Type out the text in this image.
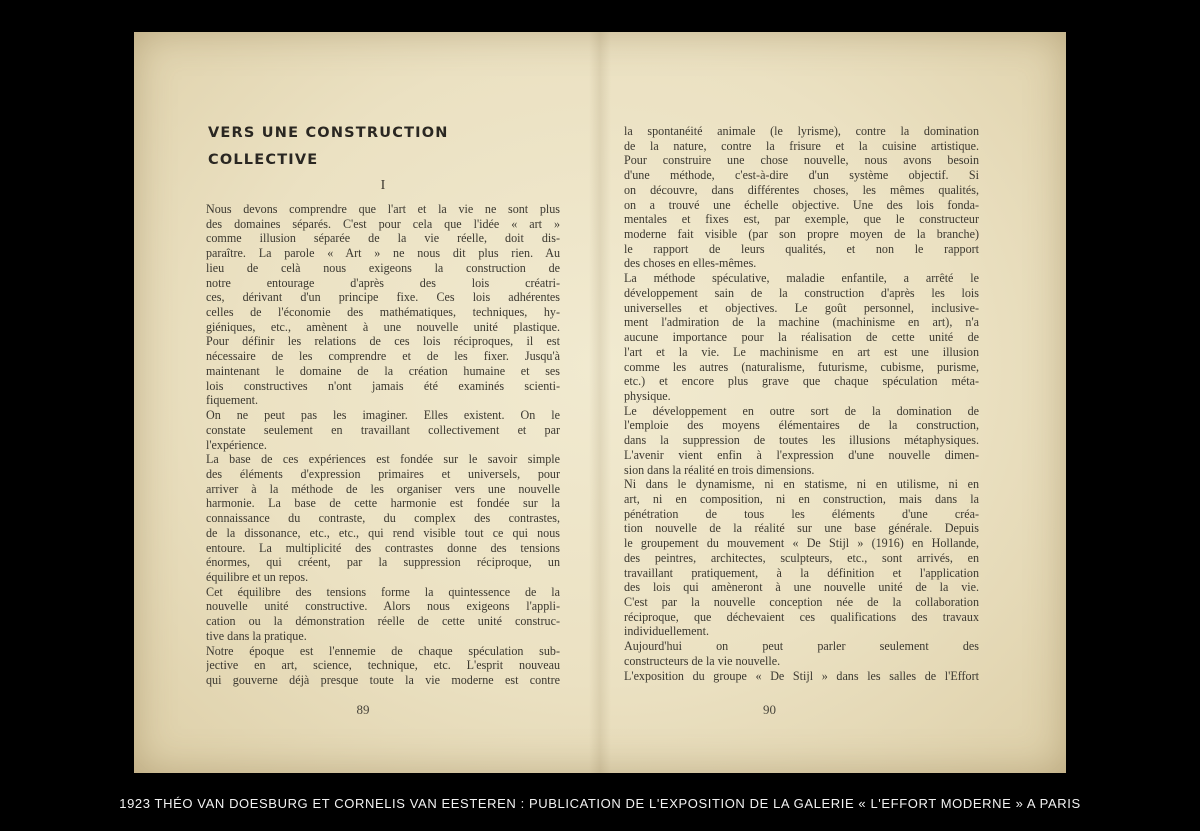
VERS UNE CONSTRUCTION
COLLECTIVE
I
Nous devons comprendre que l'art et la vie ne sont plus
des domaines séparés. C'est pour cela que l'idée « art »
comme illusion séparée de la vie réelle, doit dis-
paraître. La parole « Art » ne nous dit plus rien. Au
lieu de celà nous exigeons la construction de
notre entourage d'après des lois créatri-
ces, dérivant d'un principe fixe. Ces lois adhérentes
celles de l'économie des mathématiques, techniques, hy-
giéniques, etc., amènent à une nouvelle unité plastique.
Pour définir les relations de ces lois réciproques, il est
nécessaire de les comprendre et de les fixer. Jusqu'à
maintenant le domaine de la création humaine et ses
lois constructives n'ont jamais été examinés scienti-
fiquement.
On ne peut pas les imaginer. Elles existent. On le
constate seulement en travaillant collectivement et par
l'expérience.
La base de ces expériences est fondée sur le savoir simple
des éléments d'expression primaires et universels, pour
arriver à la méthode de les organiser vers une nouvelle
harmonie. La base de cette harmonie est fondée sur la
connaissance du contraste, du complex des contrastes,
de la dissonance, etc., etc., qui rend visible tout ce qui nous
entoure. La multiplicité des contrastes donne des tensions
énormes, qui créent, par la suppression réciproque, un
équilibre et un repos.
Cet équilibre des tensions forme la quintessence de la
nouvelle unité constructive. Alors nous exigeons l'appli-
cation ou la démonstration réelle de cette unité construc-
tive dans la pratique.
Notre époque est l'ennemie de chaque spéculation sub-
jective en art, science, technique, etc. L'esprit nouveau
qui gouverne déjà presque toute la vie moderne est contre
89
la spontanéité animale (le lyrisme), contre la domination
de la nature, contre la frisure et la cuisine artistique.
Pour construire une chose nouvelle, nous avons besoin
d'une méthode, c'est-à-dire d'un système objectif. Si
on découvre, dans différentes choses, les mêmes qualités,
on a trouvé une échelle objective. Une des lois fonda-
mentales et fixes est, par exemple, que le constructeur
moderne fait visible (par son propre moyen de la branche)
le rapport de leurs qualités, et non le rapport
des choses en elles-mêmes.
La méthode spéculative, maladie enfantile, a arrêté le
développement sain de la construction d'après les lois
universelles et objectives. Le goût personnel, inclusive-
ment l'admiration de la machine (machinisme en art), n'a
aucune importance pour la réalisation de cette unité de
l'art et la vie. Le machinisme en art est une illusion
comme les autres (naturalisme, futurisme, cubisme, purisme,
etc.) et encore plus grave que chaque spéculation méta-
physique.
Le développement en outre sort de la domination de
l'emploie des moyens élémentaires de la construction,
dans la suppression de toutes les illusions métaphysiques.
L'avenir vient enfin à l'expression d'une nouvelle dimen-
sion dans la réalité en trois dimensions.
Ni dans le dynamisme, ni en statisme, ni en utilisme, ni en
art, ni en composition, ni en construction, mais dans la
pénétration de tous les éléments d'une créa-
tion nouvelle de la réalité sur une base générale. Depuis
le groupement du mouvement « De Stijl » (1916) en Hollande,
des peintres, architectes, sculpteurs, etc., sont arrivés, en
travaillant pratiquement, à la définition et l'application
des lois qui amèneront à une nouvelle unité de la vie.
C'est par la nouvelle conception née de la collaboration
réciproque, que déchevaient ces qualifications des travaux
individuellement.
Aujourd'hui on peut parler seulement des
constructeurs de la vie nouvelle.
L'exposition du groupe « De Stijl » dans les salles de l'Effort
90

1923 THÉO VAN DOESBURG ET CORNELIS VAN EESTEREN : PUBLICATION DE L'EXPOSITION DE LA GALERIE « L'EFFORT MODERNE » A PARIS
